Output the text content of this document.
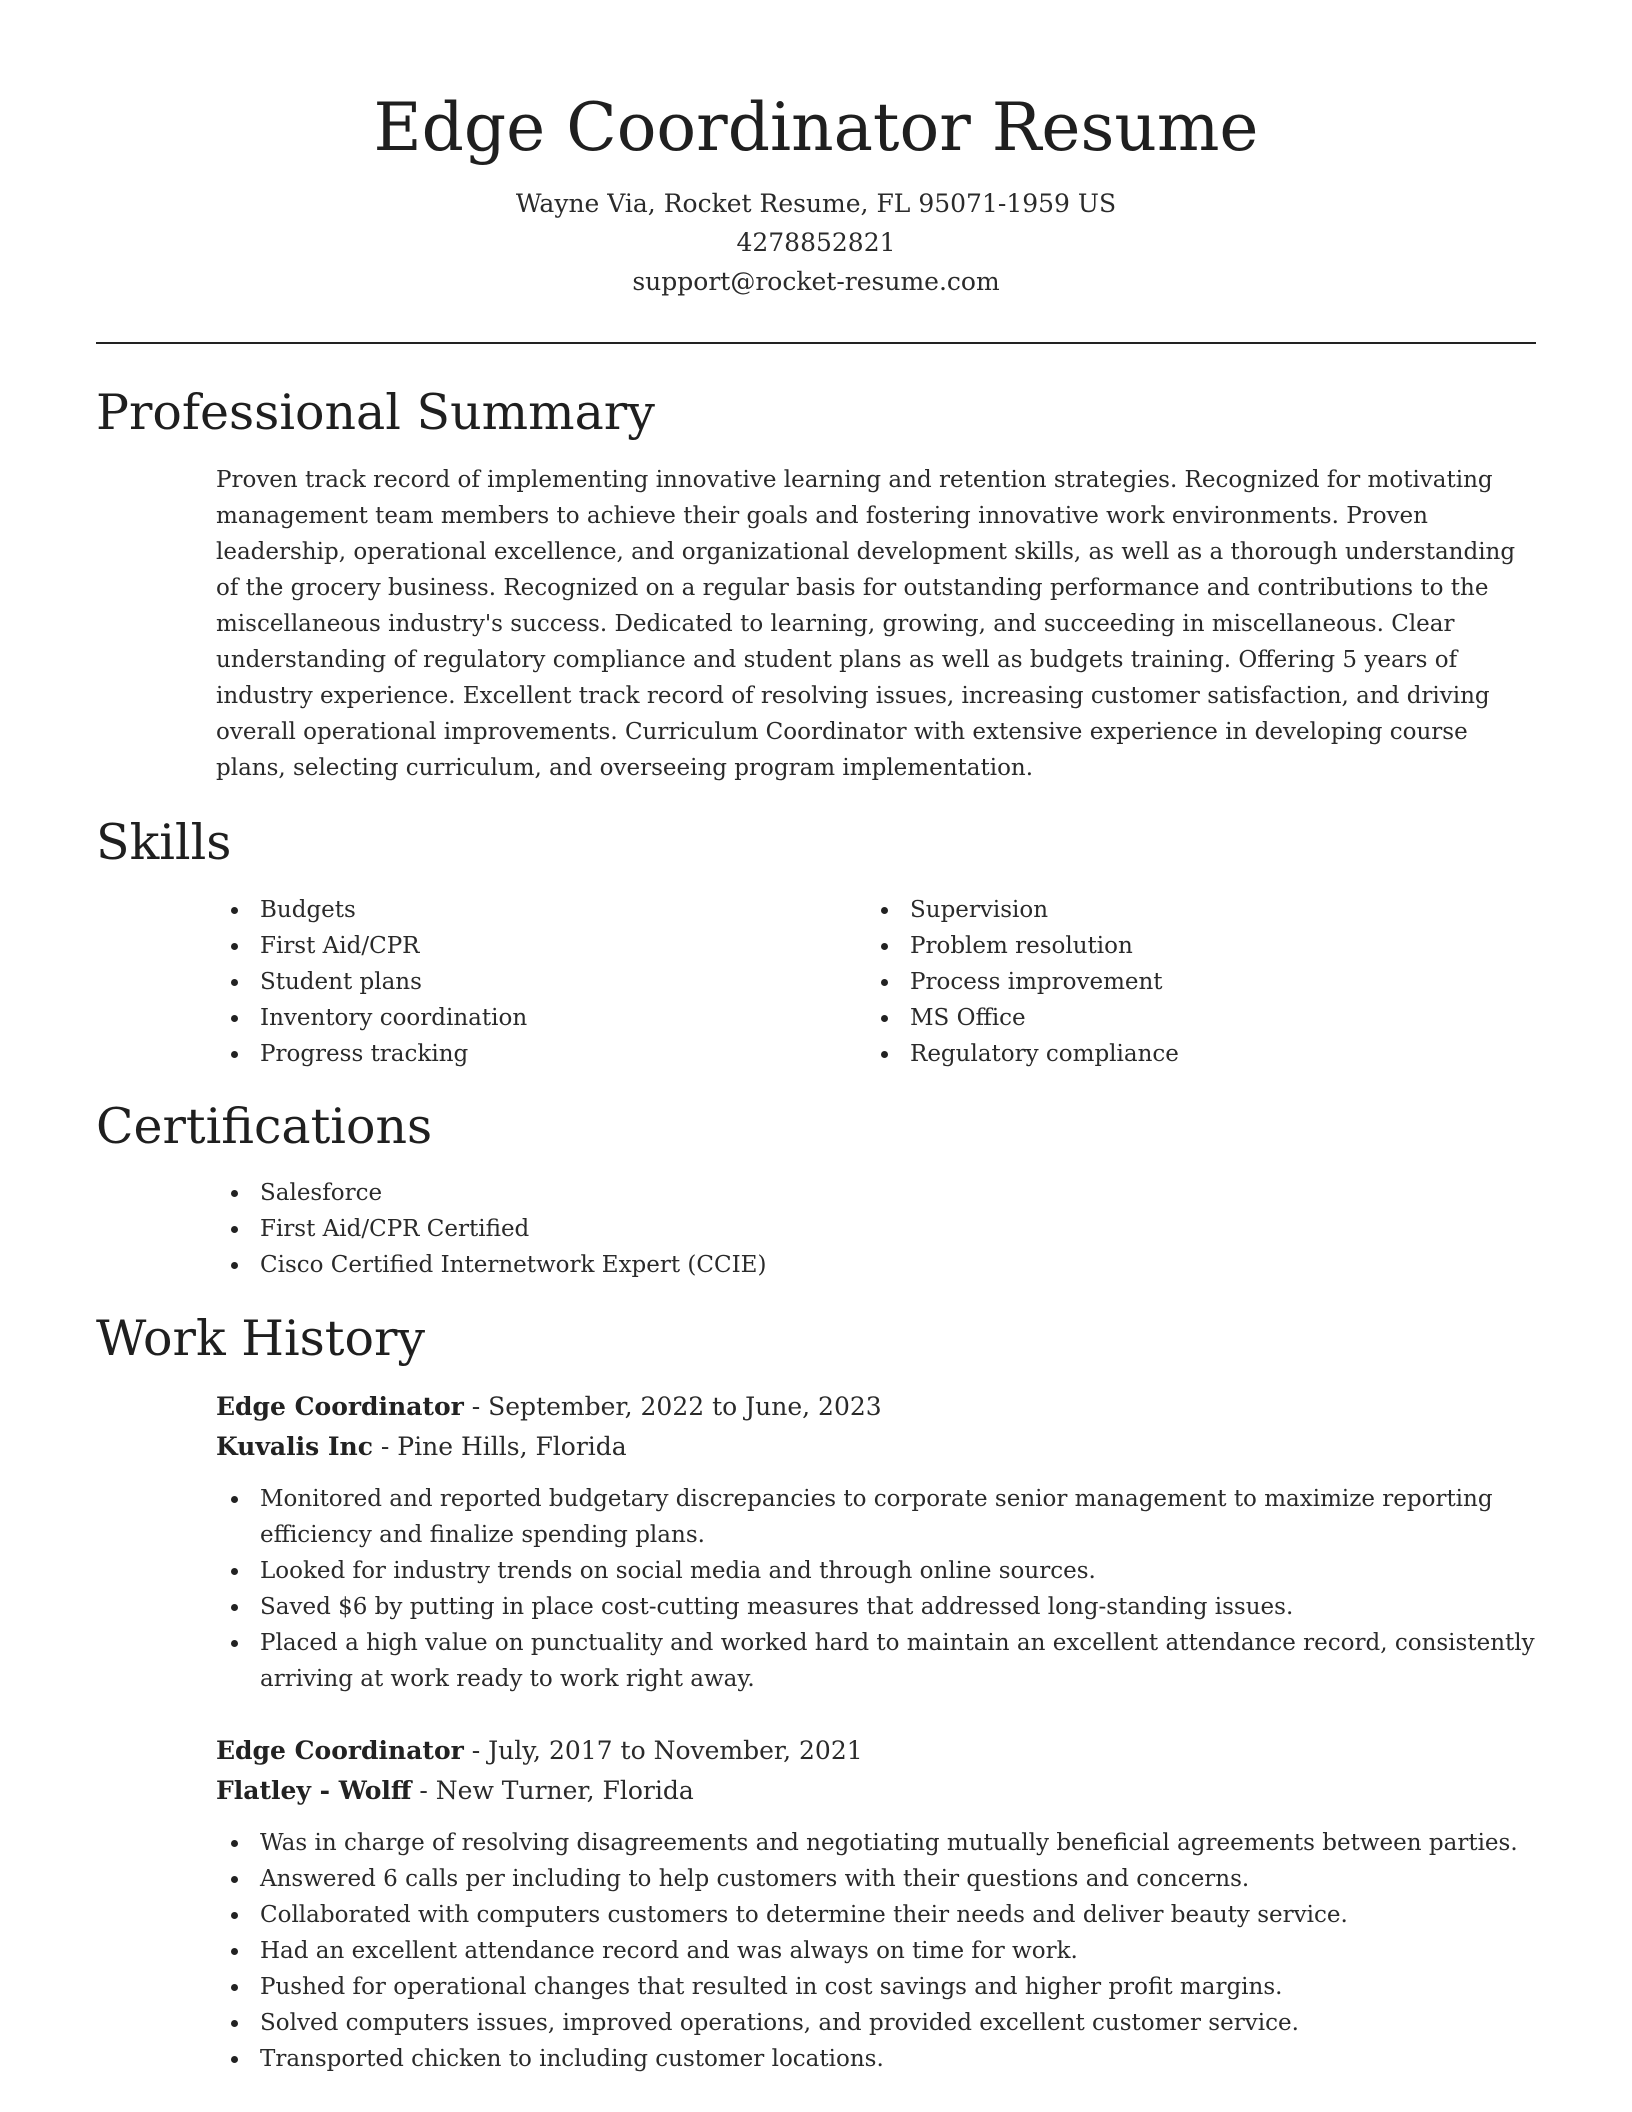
Edge Coordinator Resume
Wayne Via, Rocket Resume, FL 95071-1959 US
4278852821
support@rocket-resume.com
Professional Summary

Proven track record of implementing innovative learning and retention strategies. Recognized for motivating management team members to achieve their goals and fostering innovative work environments. Proven leadership, operational excellence, and organizational development skills, as well as a thorough understanding of the grocery business. Recognized on a regular basis for outstanding performance and contributions to the miscellaneous industry's success. Dedicated to learning, growing, and succeeding in miscellaneous. Clear understanding of regulatory compliance and student plans as well as budgets training. Offering 5 years of industry experience. Excellent track record of resolving issues, increasing customer satisfaction, and driving overall operational improvements. Curriculum Coordinator with extensive experience in developing course plans, selecting curriculum, and overseeing program implementation.

Skills
Budgets
First Aid/CPR
Student plans
Inventory coordination
Progress tracking
Supervision
Problem resolution
Process improvement
MS Office
Regulatory compliance
Certifications
Salesforce
First Aid/CPR Certified
Cisco Certified Internetwork Expert (CCIE)
Work History
Edge Coordinator - September, 2022 to June, 2023
Kuvalis Inc - Pine Hills, Florida
Monitored and reported budgetary discrepancies to corporate senior management to maximize reporting efficiency and finalize spending plans.
Looked for industry trends on social media and through online sources.
Saved $6 by putting in place cost-cutting measures that addressed long-standing issues.
Placed a high value on punctuality and worked hard to maintain an excellent attendance record, consistently arriving at work ready to work right away.
Edge Coordinator - July, 2017 to November, 2021
Flatley - Wolff - New Turner, Florida
Was in charge of resolving disagreements and negotiating mutually beneficial agreements between parties.
Answered 6 calls per including to help customers with their questions and concerns.
Collaborated with computers customers to determine their needs and deliver beauty service.
Had an excellent attendance record and was always on time for work.
Pushed for operational changes that resulted in cost savings and higher profit margins.
Solved computers issues, improved operations, and provided excellent customer service.
Transported chicken to including customer locations.
